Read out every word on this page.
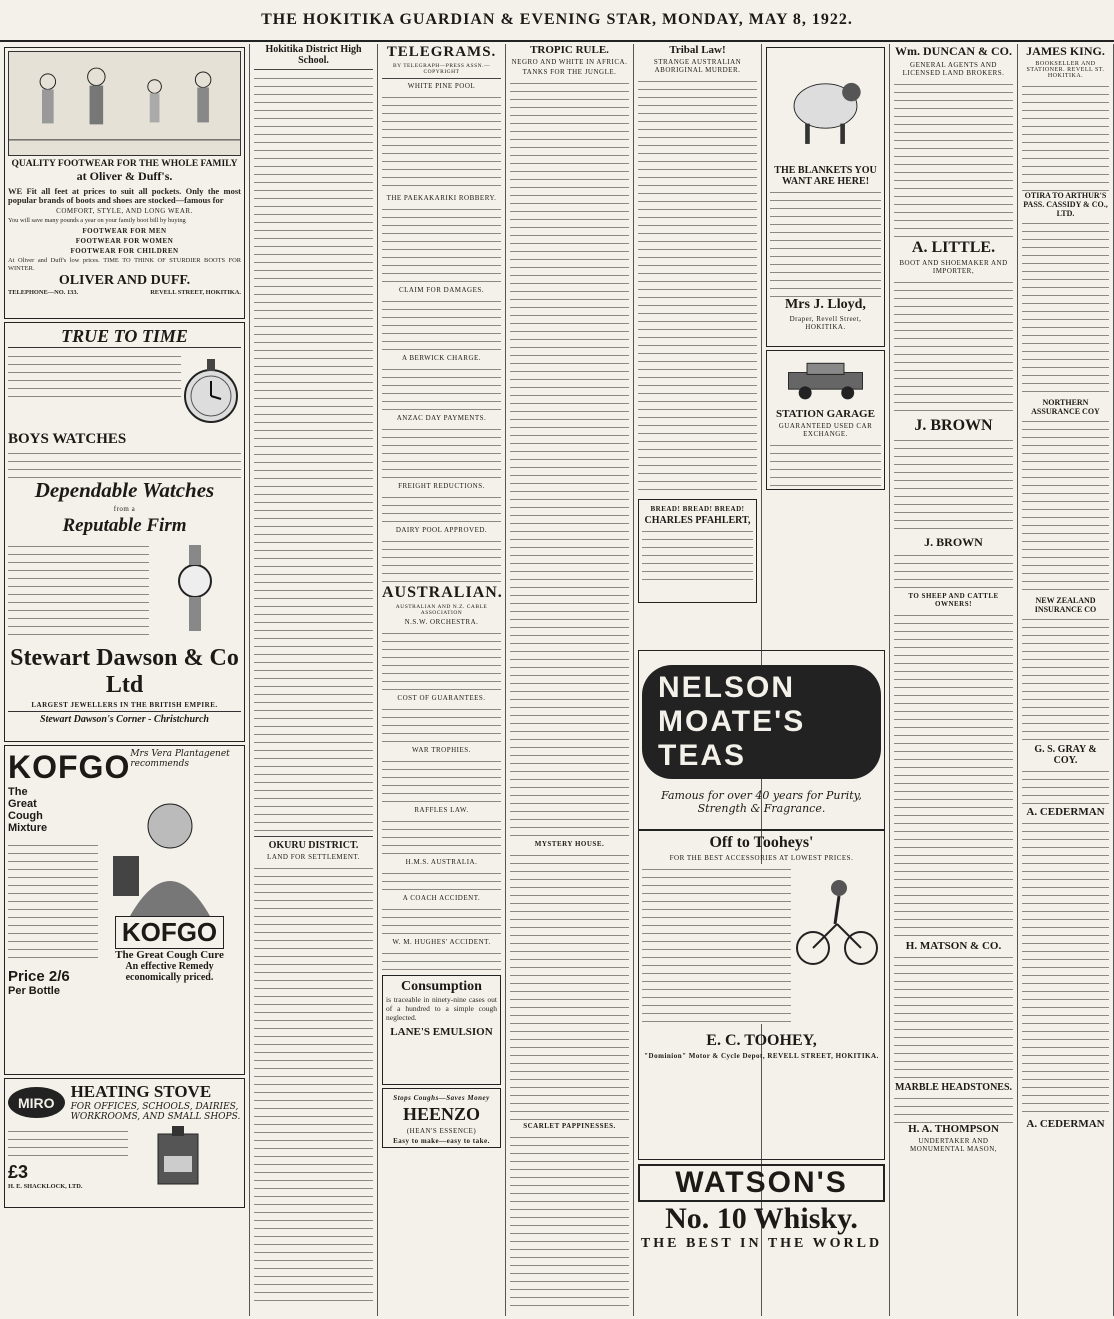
THE HOKITIKA GUARDIAN & EVENING STAR, MONDAY, MAY 8, 1922.
QUALITY FOOTWEAR FOR THE WHOLE FAMILY
at Oliver & Duff's.
WE Fit all feet at prices to suit all pockets. Only the most popular brands of boots and shoes are stocked—famous for
COMFORT, STYLE, AND LONG WEAR.
You will save many pounds a year on your family boot bill by buying
FOOTWEAR FOR MEN
FOOTWEAR FOR WOMEN
FOOTWEAR FOR CHILDREN
At Oliver and Duff's low prices. TIME TO THINK OF STURDIER BOOTS FOR WINTER.
OLIVER AND DUFF.
TELEPHONE—NO. 133.	REVELL STREET, HOKITIKA.
TRUE TO TIME
BOYS WATCHES
Dependable Watches
from a
Reputable Firm
Stewart Dawson & Co Ltd
LARGEST JEWELLERS IN THE BRITISH EMPIRE.
Stewart Dawson's Corner - Christchurch
KOFGO Mrs Vera Plantagenet recommends
The
Great
Cough
Mixture
Price 2/6
Per Bottle
KOFGO
The Great Cough Cure
An effective Remedy economically priced.
MIRO
HEATING STOVE
FOR OFFICES, SCHOOLS, DAIRIES, WORKROOMS, AND SMALL SHOPS.
£3
H. E. SHACKLOCK, LTD.
Hokitika District High School.
OKURU DISTRICT.
LAND FOR SETTLEMENT.
TELEGRAMS.
BY TELEGRAPH—PRESS ASSN.—COPYRIGHT
WHITE PINE POOL
THE PAEKAKARIKI ROBBERY.
CLAIM FOR DAMAGES.
A BERWICK CHARGE.
ANZAC DAY PAYMENTS.
FREIGHT REDUCTIONS.
DAIRY POOL APPROVED.
AUSTRALIAN.
AUSTRALIAN AND N.Z. CABLE ASSOCIATION
N.S.W. ORCHESTRA.
COST OF GUARANTEES.
WAR TROPHIES.
RAFFLES LAW.
H.M.S. AUSTRALIA.
A COACH ACCIDENT.
W. M. HUGHES' ACCIDENT.
Consumption
is traceable in ninety-nine cases out of a hundred to a simple cough neglected.
LANE'S EMULSION
Stops Coughs—Saves Money
HEENZO
(HEAN'S ESSENCE)
Easy to make—easy to take.
TROPIC RULE.
NEGRO AND WHITE IN AFRICA.
TANKS FOR THE JUNGLE.
MYSTERY HOUSE.
SCARLET PAPPINESSES.
Tribal Law!
STRANGE AUSTRALIAN ABORIGINAL MURDER.
BREAD! BREAD! BREAD!
CHARLES PFAHLERT,
THE BLANKETS YOU WANT ARE HERE!
Mrs J. Lloyd,
Draper, Revell Street, HOKITIKA.
STATION GARAGE
GUARANTEED USED CAR EXCHANGE.
NELSON MOATE'S TEAS
Famous for over 40 years for Purity, Strength & Fragrance.
Off to Tooheys'
FOR THE BEST ACCESSORIES AT LOWEST PRICES.
E. C. TOOHEY,
"Dominion" Motor & Cycle Depot, REVELL STREET, HOKITIKA.
WATSON'S
No. 10 Whisky.
THE BEST IN THE WORLD
Wm. DUNCAN & CO.
GENERAL AGENTS AND LICENSED LAND BROKERS.
A. LITTLE.
BOOT AND SHOEMAKER AND IMPORTER,
J. BROWN
J. BROWN
TO SHEEP AND CATTLE OWNERS!
H. MATSON & CO.
MARBLE HEADSTONES.
H. A. THOMPSON
UNDERTAKER AND MONUMENTAL MASON,
JAMES KING.
BOOKSELLER AND STATIONER. REVELL ST. HOKITIKA.
OTIRA TO ARTHUR'S PASS. CASSIDY & CO., LTD.
NORTHERN ASSURANCE COY
NEW ZEALAND INSURANCE CO
G. S. GRAY & COY.
A. CEDERMAN
A. CEDERMAN
